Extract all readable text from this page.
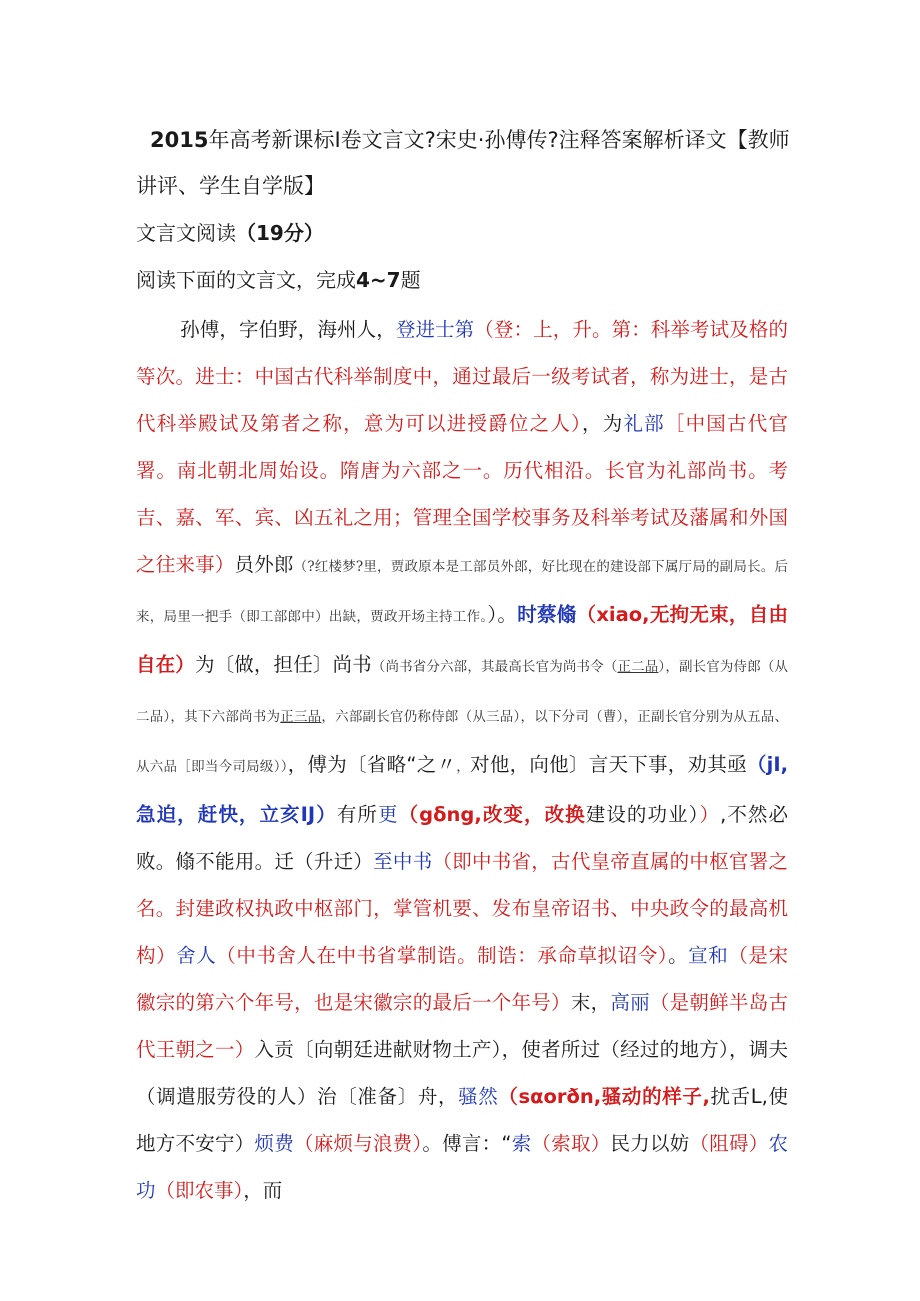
2015年高考新课标I卷文言文?宋史·孙傅传?注释答案解析译文【教师讲评、学生自学版】
文言文阅读（19分）
阅读下面的文言文，完成4~7题
孙傅，字伯野，海州人，登进士第（登：上，升。第：科举考试及格的等次。进士：中国古代科举制度中，通过最后一级考试者，称为进士，是古代科举殿试及第者之称，意为可以进授爵位之人），为礼部［中国古代官署。南北朝北周始设。隋唐为六部之一。历代相沿。长官为礼部尚书。考吉、嘉、军、宾、凶五礼之用；管理全国学校事务及科举考试及藩属和外国之往来事）员外郎（?红楼梦?里，贾政原本是工部员外郎，好比现在的建设部下属厅局的副局长。后来，局里一把手（即工部郎中）出缺，贾政开场主持工作。）。时蔡翛（xiao,无拘无束，自由自在）为〔做，担任〕尚书（尚书省分六部，其最高长官为尚书令（正二品），副长官为侍郎（从二品），其下六部尚书为正三品，六部副长官仍称侍郎（从三品），以下分司（曹），正副长官分别为从五品、从六品［即当今司局级）），傅为〔省略“之〃，对他，向他〕言天下事，劝其亟（jI,急迫，赶快，立亥IJ）有所更（gδng,改变，改换建设的功业））,不然必败。翛不能用。迁（升迁）至中书（即中书省，古代皇帝直属的中枢官署之名。封建政权执政中枢部门，掌管机要、发布皇帝诏书、中央政令的最高机构）舍人（中书舍人在中书省掌制诰。制诰：承命草拟诏令）。宣和（是宋徽宗的第六个年号，也是宋徽宗的最后一个年号）末，高丽（是朝鲜半岛古代王朝之一）入贡〔向朝廷进献财物土产），使者所过（经过的地方），调夫（调遣服劳役的人）治〔准备〕舟，骚然（sαorðn,骚动的样子,扰舌L,使地方不安宁）烦费（麻烦与浪费）。傅言：“索（索取）民力以妨（阻碍）农功（即农事），而
